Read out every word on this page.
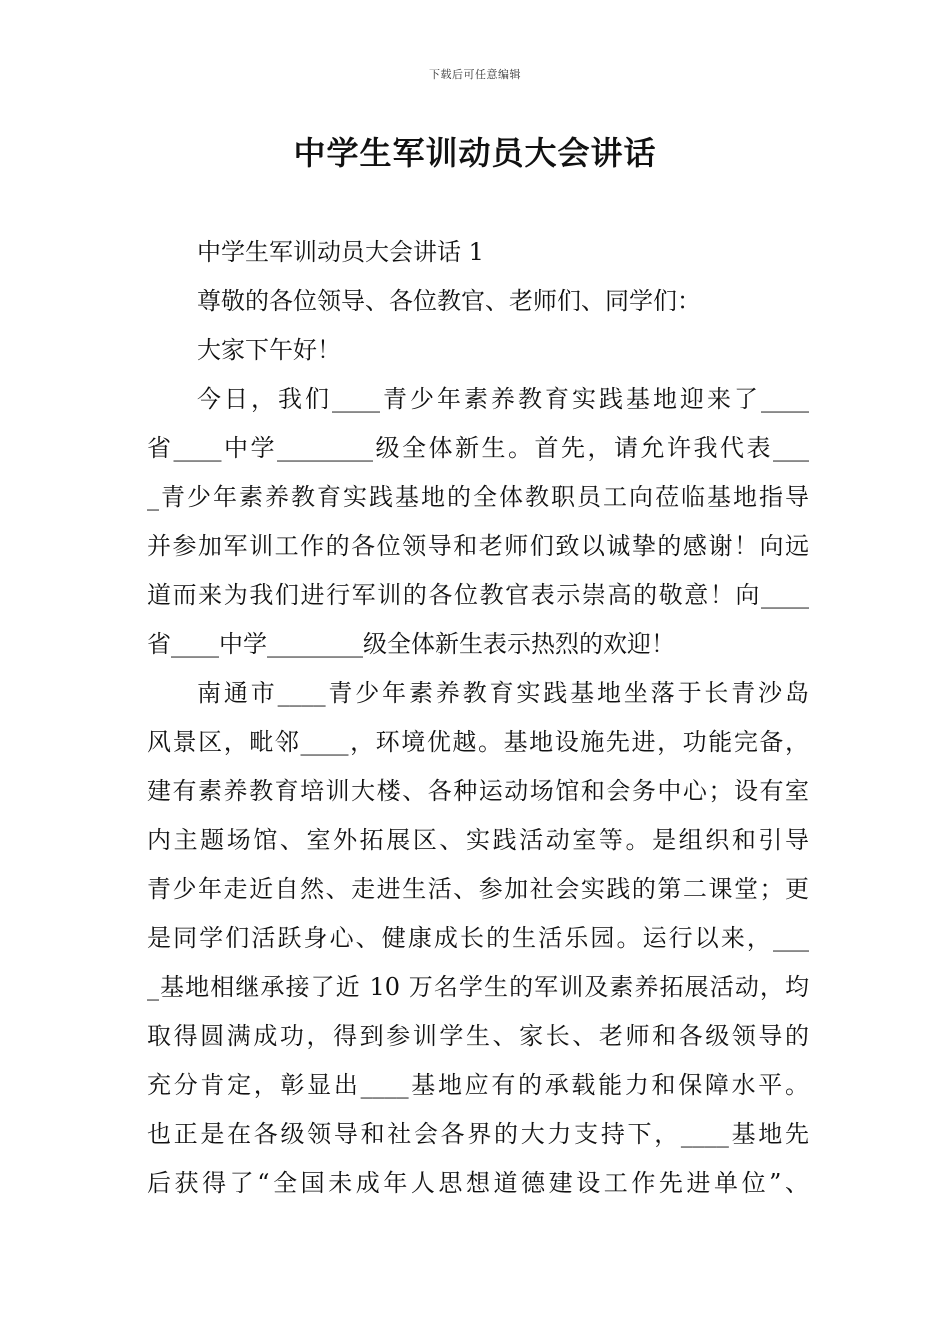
下载后可任意编辑
中学生军训动员大会讲话
中学生军训动员大会讲话 1
尊敬的各位领导、各位教官、老师们、同学们：
大家下午好！
今日，我们____青少年素养教育实践基地迎来了____
省____中学________级全体新生。首先，请允许我代表___
_青少年素养教育实践基地的全体教职员工向莅临基地指导
并参加军训工作的各位领导和老师们致以诚挚的感谢！向远
道而来为我们进行军训的各位教官表示崇高的敬意！向____
省____中学________级全体新生表示热烈的欢迎！
南通市____青少年素养教育实践基地坐落于长青沙岛
风景区，毗邻____，环境优越。基地设施先进，功能完备，
建有素养教育培训大楼、各种运动场馆和会务中心；设有室
内主题场馆、室外拓展区、实践活动室等。是组织和引导
青少年走近自然、走进生活、参加社会实践的第二课堂；更
是同学们活跃身心、健康成长的生活乐园。运行以来，___
_基地相继承接了近 10 万名学生的军训及素养拓展活动，均
取得圆满成功，得到参训学生、家长、老师和各级领导的
充分肯定，彰显出____基地应有的承载能力和保障水平。
也正是在各级领导和社会各界的大力支持下，____基地先
后获得了“全国未成年人思想道德建设工作先进单位”、
